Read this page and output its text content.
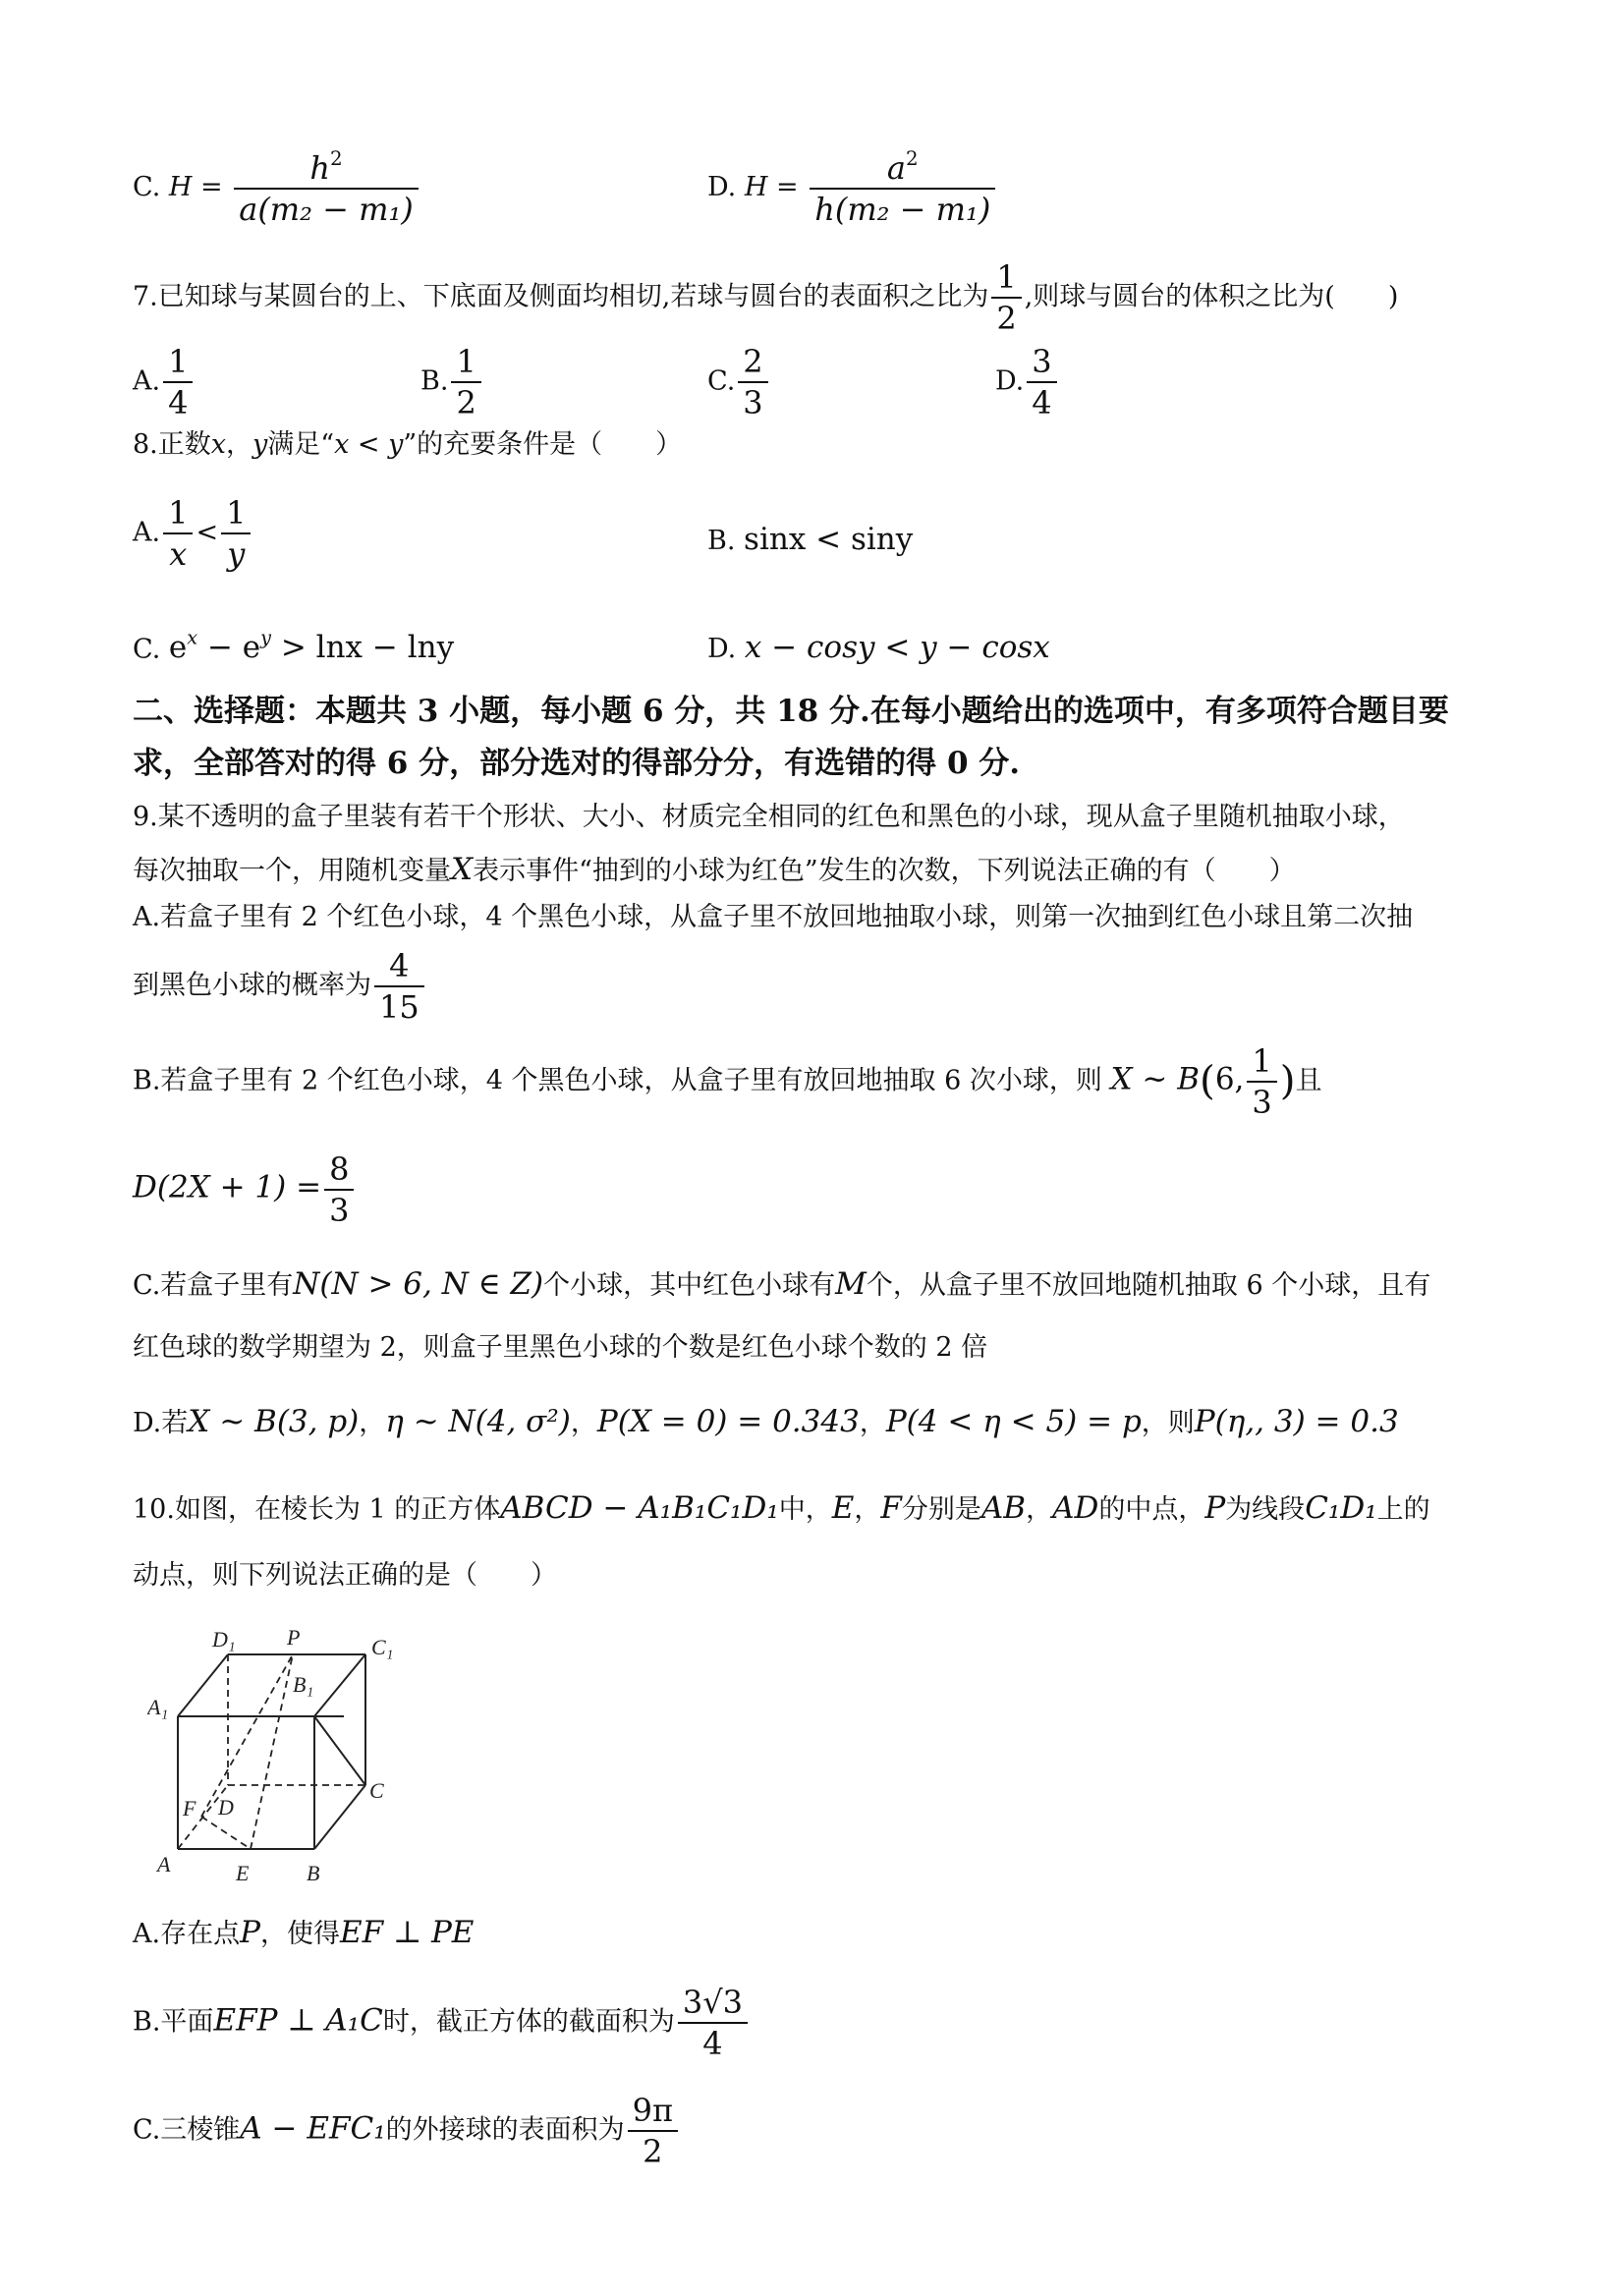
C. $H = \frac{h^2}{\text{a(m₂ − m₁)}}$	D. $H = \frac{a^2}{\text{h(m₂ − m₁)}}$
7.已知球与某圆台的上、下底面及侧面均相切,若球与圆台的表面积之比为 $\frac{1}{2}$ ,则球与圆台的体积之比为(　　)
A. $\frac{1}{4}$	B. $\frac{1}{2}$	C. $\frac{2}{3}$	D. $\frac{3}{4}$
8.正数x，y满足“x < y”的充要条件是（　　）
A. $\frac{1}{x} < \frac{1}{y}$	B. sinx < siny
C. $e^x - e^y > \ln x - \ln y$	D. x − cosy < y − cosx
二、选择题：本题共 3 小题，每小题 6 分，共 18 分.在每小题给出的选项中，有多项符合题目要
求，全部答对的得 6 分，部分选对的得部分分，有选错的得 0 分.
9.某不透明的盒子里装有若干个形状、大小、材质完全相同的红色和黑色的小球，现从盒子里随机抽取小球，
每次抽取一个，用随机变量X表示事件“抽到的小球为红色”发生的次数，下列说法正确的有（　　）
A.若盒子里有 2 个红色小球，4 个黑色小球，从盒子里不放回地抽取小球，则第一次抽到红色小球且第二次抽
到黑色小球的概率为 $\frac{4}{15}$
B.若盒子里有 2 个红色小球，4 个黑色小球，从盒子里有放回地抽取 6 次小球，则 X ~ B(6, $\frac{1}{3}$ )且
$D(2X + 1) = \frac{8}{3}$
C.若盒子里有N(N > 6, N ∈ Z)个小球，其中红色小球有M个，从盒子里不放回地随机抽取 6 个小球，且有
红色球的数学期望为 2，则盒子里黑色小球的个数是红色小球个数的 2 倍
D.若X ~ B(3, p)，η ~ N(4, σ²)，P(X = 0) = 0.343，P(4 < η < 5) = p，则P(η,, 3) = 0.3
10.如图，在棱长为 1 的正方体ABCD − A₁B₁C₁D₁中，E，F分别是AB，AD的中点，P为线段C₁D₁上的
动点，则下列说法正确的是（　　）
D₁ P	C₁
A₁
B₁
F D
C
A	E	B
A.存在点P，使得EF ⊥ PE
B.平面EFP ⊥ A₁C时，截正方体的截面积为 $\frac{3√3}{4}$
C.三棱锥A − EFC₁的外接球的表面积为 $\frac{9\pi}{2}$
